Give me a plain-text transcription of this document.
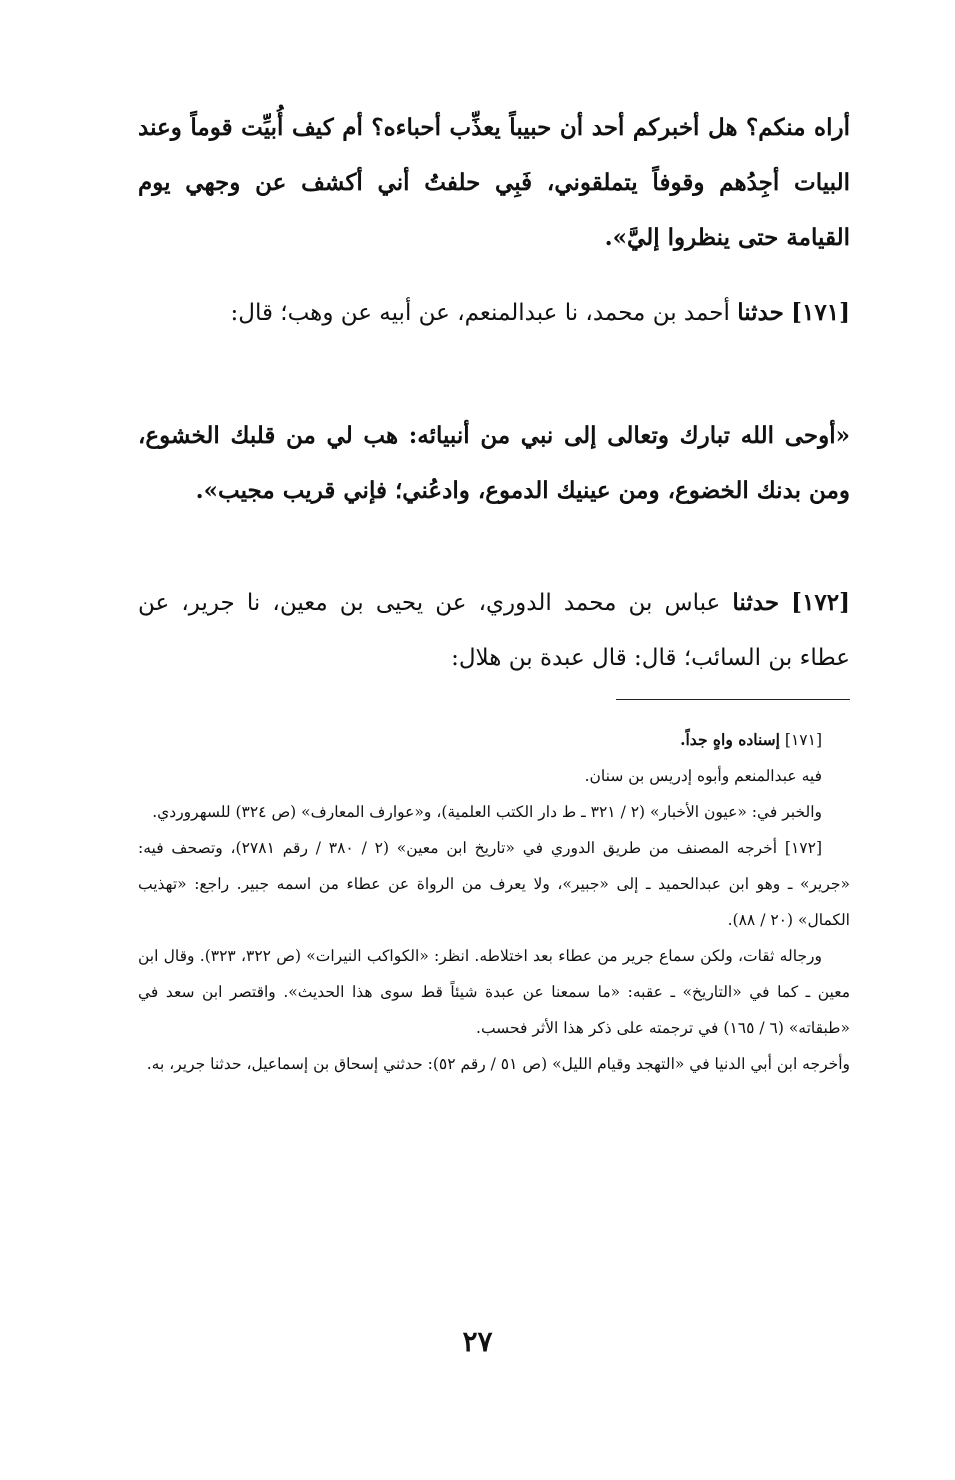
أراه منكم؟ هل أخبركم أحد أن حبيباً يعذِّب أحباءه؟ أم كيف أُبيِّت قوماً وعند البيات أجِدُهم وقوفاً يتملقوني، فَبِي حلفتُ أني أكشف عن وجهي يوم القيامة حتى ينظروا إليَّ».
[١٧١] حدثنا أحمد بن محمد، نا عبدالمنعم، عن أبيه عن وهب؛ قال:
«أوحى الله تبارك وتعالى إلى نبي من أنبيائه: هب لي من قلبك الخشوع، ومن بدنك الخضوع، ومن عينيك الدموع، وادعُني؛ فإني قريب مجيب».
[١٧٢] حدثنا عباس بن محمد الدوري، عن يحيى بن معين، نا جرير، عن عطاء بن السائب؛ قال: قال عبدة بن هلال:

[١٧١] إسناده واهٍ جداً.

فيه عبدالمنعم وأبوه إدريس بن سنان.

والخبر في: «عيون الأخبار» (٢ / ٣٢١ ـ ط دار الكتب العلمية)، و«عوارف المعارف» (ص ٣٢٤) للسهروردي.

[١٧٢] أخرجه المصنف من طريق الدوري في «تاريخ ابن معين» (٢ / ٣٨٠ / رقم ٢٧٨١)، وتصحف فيه: «جرير» ـ وهو ابن عبدالحميد ـ إلى «جبير»، ولا يعرف من الرواة عن عطاء من اسمه جبير. راجع: «تهذيب الكمال» (٢٠ / ٨٨).

ورجاله ثقات، ولكن سماع جرير من عطاء بعد اختلاطه. انظر: «الكواكب النيرات» (ص ٣٢٢، ٣٢٣). وقال ابن معين ـ كما في «التاريخ» ـ عقبه: «ما سمعنا عن عبدة شيئاً قط سوى هذا الحديث». واقتصر ابن سعد في «طبقاته» (٦ / ١٦٥) في ترجمته على ذكر هذا الأثر فحسب.

وأخرجه ابن أبي الدنيا في «التهجد وقيام الليل» (ص ٥١ / رقم ٥٢): حدثني إسحاق بن إسماعيل، حدثنا جرير، به.

٢٧
